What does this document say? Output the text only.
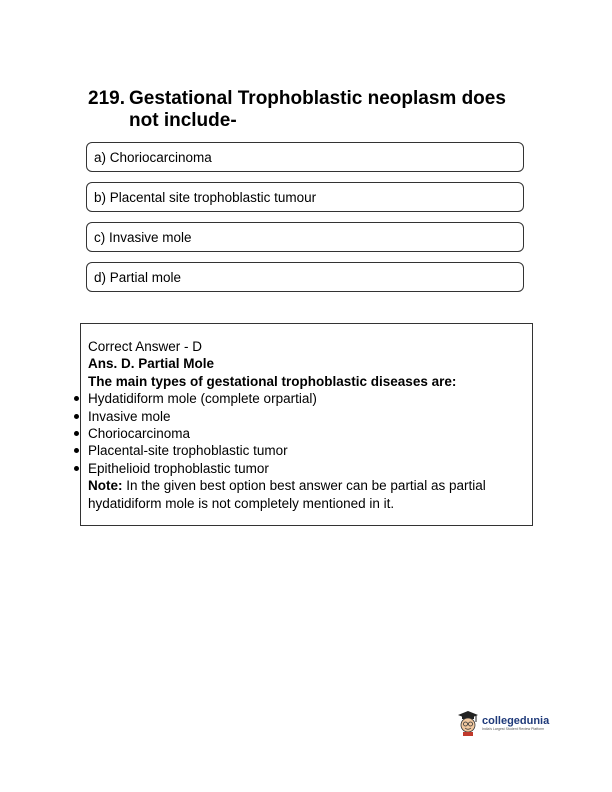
219. Gestational Trophoblastic neoplasm does not include-
a) Choriocarcinoma
b) Placental site trophoblastic tumour
c) Invasive mole
d) Partial mole
Correct Answer - D
Ans. D. Partial Mole
The main types of gestational trophoblastic diseases are:
Hydatidiform mole (complete orpartial)
Invasive mole
Choriocarcinoma
Placental-site trophoblastic tumor
Epithelioid trophoblastic tumor
Note: In the given best option best answer can be partial as partial hydatidiform mole is not completely mentioned in it.
collegedunia
India's Largest Student Review Platform
